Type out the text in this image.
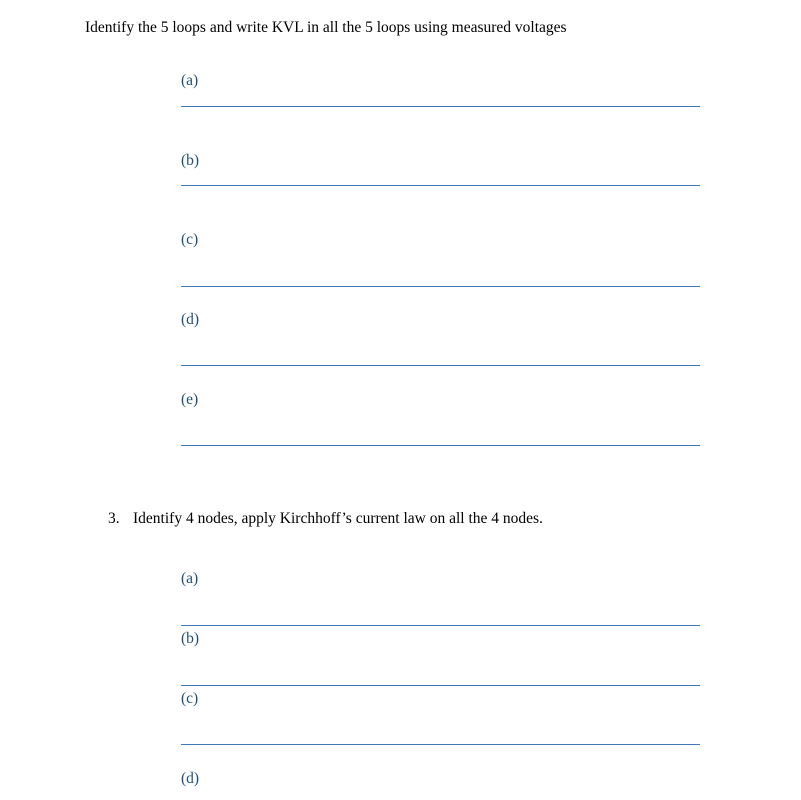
Identify the 5 loops and write KVL in all the 5 loops using measured voltages
(a)
(b)
(c)
(d)
(e)
3. Identify 4 nodes, apply Kirchhoff’s current law on all the 4 nodes.
(a)
(b)
(c)
(d)
